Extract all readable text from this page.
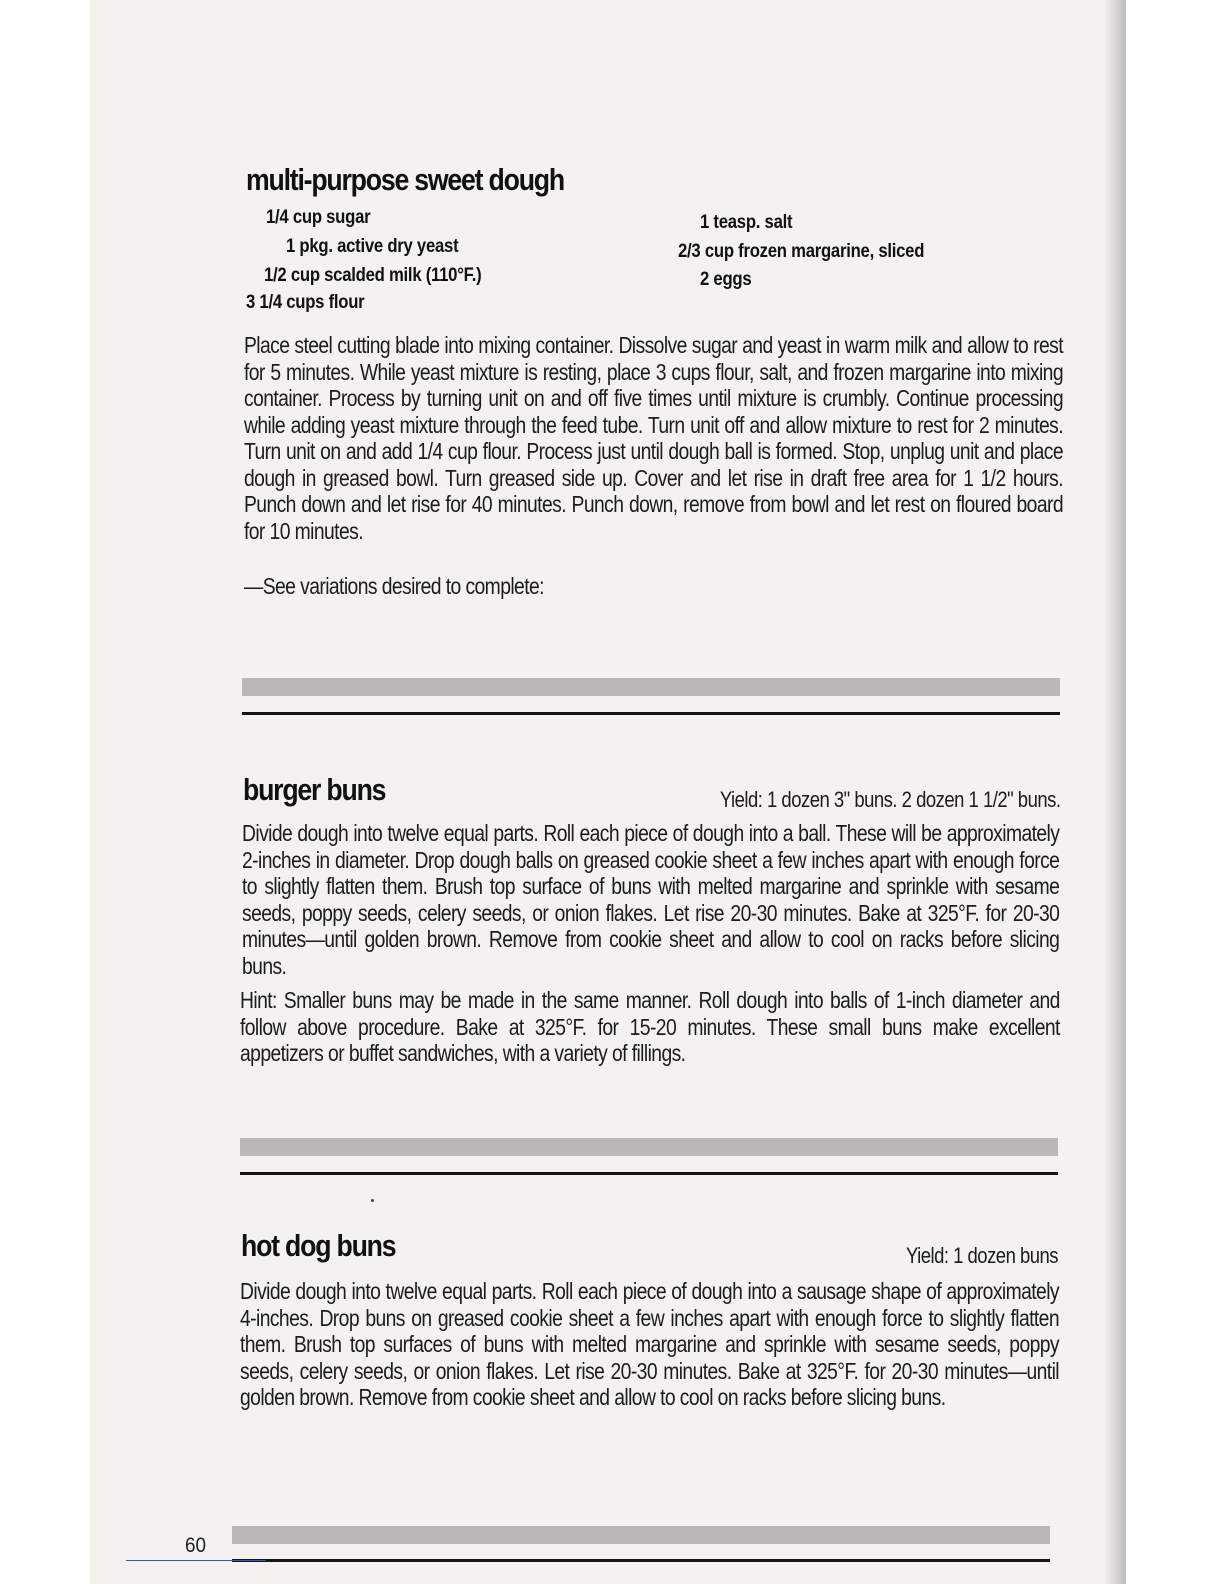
multi-purpose sweet dough
1/4 cup sugar
1 pkg. active dry yeast
1/2 cup scalded milk (110°F.)
3 1/4 cups flour
1 teasp. salt
2/3 cup frozen margarine, sliced
2 eggs

Place steel cutting blade into mixing container. Dissolve sugar and yeast in warm milk and allow to rest for 5 minutes. While yeast mixture is resting, place 3 cups flour, salt, and frozen margarine into mixing container. Process by turning unit on and off five times until mixture is crumbly. Continue processing while adding yeast mixture through the feed tube. Turn unit off and allow mixture to rest for 2 minutes. Turn unit on and add 1/4 cup flour. Process just until dough ball is formed. Stop, unplug unit and place dough in greased bowl. Turn greased side up. Cover and let rise in draft free area for 1 1/2 hours. Punch down and let rise for 40 minutes. Punch down, remove from bowl and let rest on floured board for 10 minutes.

—See variations desired to complete:

burger buns	Yield: 1 dozen 3" buns. 2 dozen 1 1/2" buns.

Divide dough into twelve equal parts. Roll each piece of dough into a ball. These will be approximately 2-inches in diameter. Drop dough balls on greased cookie sheet a few inches apart with enough force to slightly flatten them. Brush top surface of buns with melted margarine and sprinkle with sesame seeds, poppy seeds, celery seeds, or onion flakes. Let rise 20-30 minutes. Bake at 325°F. for 20-30 minutes—until golden brown. Remove from cookie sheet and allow to cool on racks before slicing buns.

Hint: Smaller buns may be made in the same manner. Roll dough into balls of 1-inch diameter and follow above procedure. Bake at 325°F. for 15-20 minutes. These small buns make excellent appetizers or buffet sandwiches, with a variety of fillings.

hot dog buns	Yield: 1 dozen buns

Divide dough into twelve equal parts. Roll each piece of dough into a sausage shape of approximately 4-inches. Drop buns on greased cookie sheet a few inches apart with enough force to slightly flatten them. Brush top surfaces of buns with melted margarine and sprinkle with sesame seeds, poppy seeds, celery seeds, or onion flakes. Let rise 20-30 minutes. Bake at 325°F. for 20-30 minutes—until golden brown. Remove from cookie sheet and allow to cool on racks before slicing buns.

60
